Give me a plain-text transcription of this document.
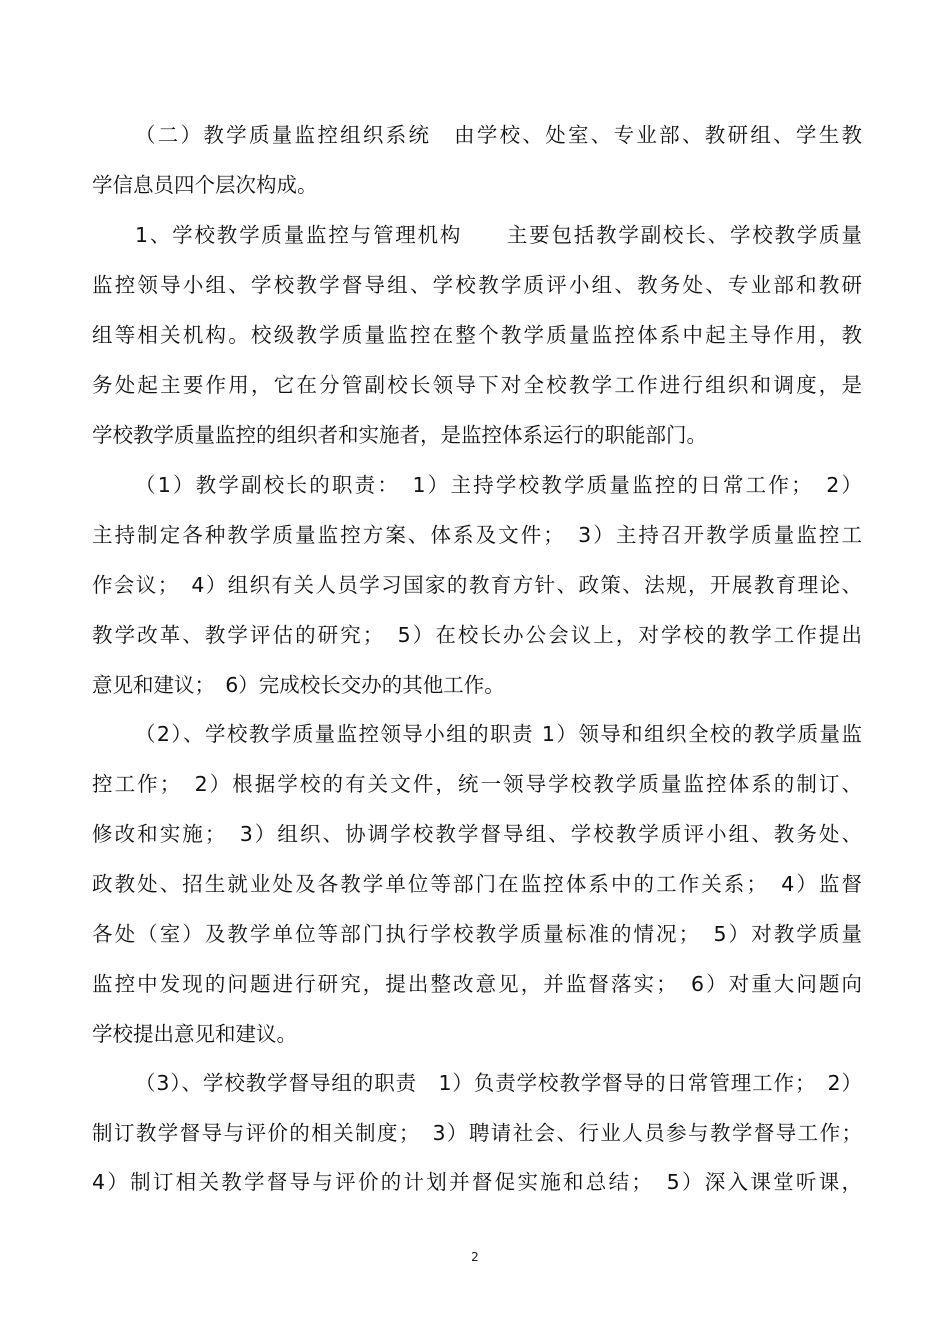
（二）教学质量监控组织系统　由学校、处室、专业部、教研组、学生教
学信息员四个层次构成。
1、学校教学质量监控与管理机构　　主要包括教学副校长、学校教学质量
监控领导小组、学校教学督导组、学校教学质评小组、教务处、专业部和教研
组等相关机构。校级教学质量监控在整个教学质量监控体系中起主导作用，教
务处起主要作用，它在分管副校长领导下对全校教学工作进行组织和调度，是
学校教学质量监控的组织者和实施者，是监控体系运行的职能部门。
（1）教学副校长的职责：　1）主持学校教学质量监控的日常工作；　2）
主持制定各种教学质量监控方案、体系及文件；　3）主持召开教学质量监控工
作会议；　4）组织有关人员学习国家的教育方针、政策、法规，开展教育理论、
教学改革、教学评估的研究；　5）在校长办公会议上，对学校的教学工作提出
意见和建议；　6）完成校长交办的其他工作。
（2）、学校教学质量监控领导小组的职责 1）领导和组织全校的教学质量监
控工作；　2）根据学校的有关文件，统一领导学校教学质量监控体系的制订、
修改和实施；　3）组织、协调学校教学督导组、学校教学质评小组、教务处、
政教处、招生就业处及各教学单位等部门在监控体系中的工作关系；　4）监督
各处（室）及教学单位等部门执行学校教学质量标准的情况；　5）对教学质量
监控中发现的问题进行研究，提出整改意见，并监督落实；　6）对重大问题向
学校提出意见和建议。
（3）、学校教学督导组的职责　1）负责学校教学督导的日常管理工作；　2）
制订教学督导与评价的相关制度；　3）聘请社会、行业人员参与教学督导工作；
4）制订相关教学督导与评价的计划并督促实施和总结；　5）深入课堂听课，
2
